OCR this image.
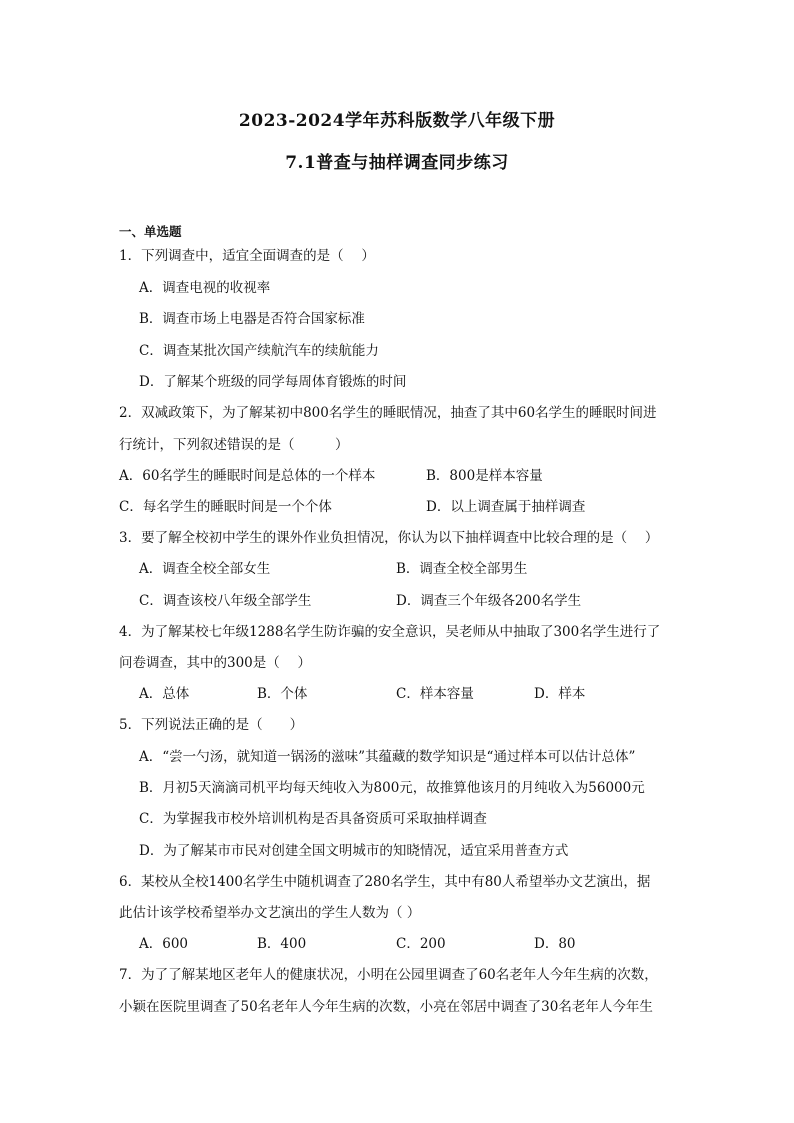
2023-2024学年苏科版数学八年级下册
7.1普查与抽样调查同步练习
一、单选题
1．下列调查中，适宜全面调查的是（　 ）
A．调查电视的收视率
B．调查市场上电器是否符合国家标准
C．调查某批次国产续航汽车的续航能力
D．了解某个班级的同学每周体育锻炼的时间
2．双减政策下，为了解某初中800名学生的睡眠情况，抽查了其中60名学生的睡眠时间进
行统计，下列叙述错误的是（　　　）
A．60名学生的睡眠时间是总体的一个样本	B．800是样本容量
C．每名学生的睡眠时间是一个个体	D．以上调查属于抽样调查
3．要了解全校初中学生的课外作业负担情况，你认为以下抽样调查中比较合理的是（　 ）
A．调查全校全部女生	B．调查全校全部男生
C．调查该校八年级全部学生	D．调查三个年级各200名学生
4．为了解某校七年级1288名学生防诈骗的安全意识，吴老师从中抽取了300名学生进行了
问卷调查，其中的300是（　 ）
A．总体	B．个体	C．样本容量	D．样本
5．下列说法正确的是（　　）
A．“尝一勺汤，就知道一锅汤的滋味”其蕴藏的数学知识是“通过样本可以估计总体”
B．月初5天滴滴司机平均每天纯收入为800元，故推算他该月的月纯收入为56000元
C．为掌握我市校外培训机构是否具备资质可采取抽样调查
D．为了解某市市民对创建全国文明城市的知晓情况，适宜采用普查方式
6．某校从全校1400名学生中随机调查了280名学生，其中有80人希望举办文艺演出，据
此估计该学校希望举办文艺演出的学生人数为（ ）
A．600	B．400	C．200	D．80
7．为了了解某地区老年人的健康状况，小明在公园里调查了60名老年人今年生病的次数，
小颖在医院里调查了50名老年人今年生病的次数，小亮在邻居中调查了30名老年人今年生
